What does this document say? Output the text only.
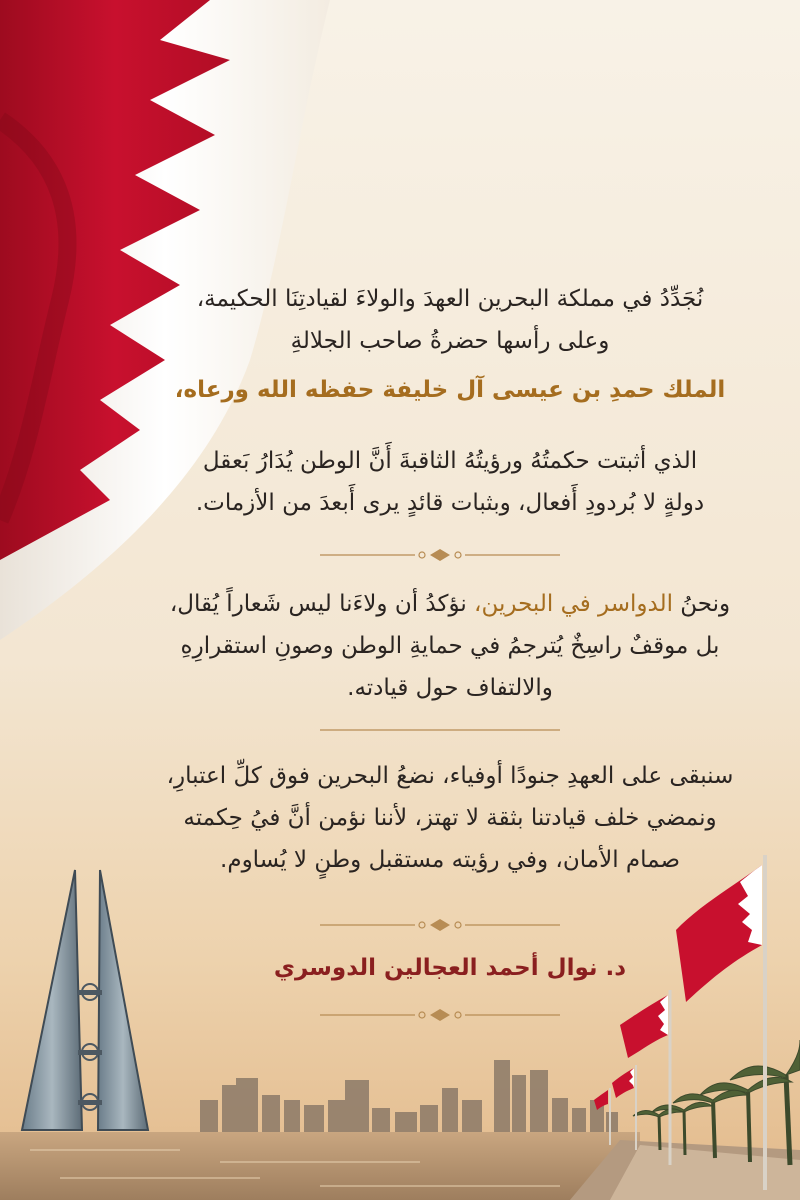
نُجَدِّدُ في مملكة البحرين العهدَ والولاءَ لقيادتِنَا الحكيمة،
وعلى رأسها حضرةُ صاحب الجلالةِ
الملك حمدِ بن عيسى آل خليفة حفظه الله ورعاه،
الذي أثبتت حكمتُهُ ورؤيتُهُ الثاقبةَ أَنَّ الوطن يُدَارُ بَعقل
دولةٍ لا بُردودِ أَفعال، وبثبات قائدٍ يرى أَبعدَ من الأزمات.
ونحنُ الدواسر في البحرين، نؤكدُ أن ولاءَنا ليس شَعاراً يُقال،
بل موقفٌ راسِخٌ يُترجمُ في حمايةِ الوطن وصونِ استقرارِهِ
والالتفاف حول قيادته.
سنبقى على العهدِ جنودًا أوفياء، نضعُ البحرين فوق كلِّ اعتبارِ،
ونمضي خلف قيادتنا بثقة لا تهتز، لأننا نؤمن أنَّ فيُ حِكمته
صمام الأمان، وفي رؤيته مستقبل وطنٍ لا يُساوم.
د. نوال أحمد العجالين الدوسري
